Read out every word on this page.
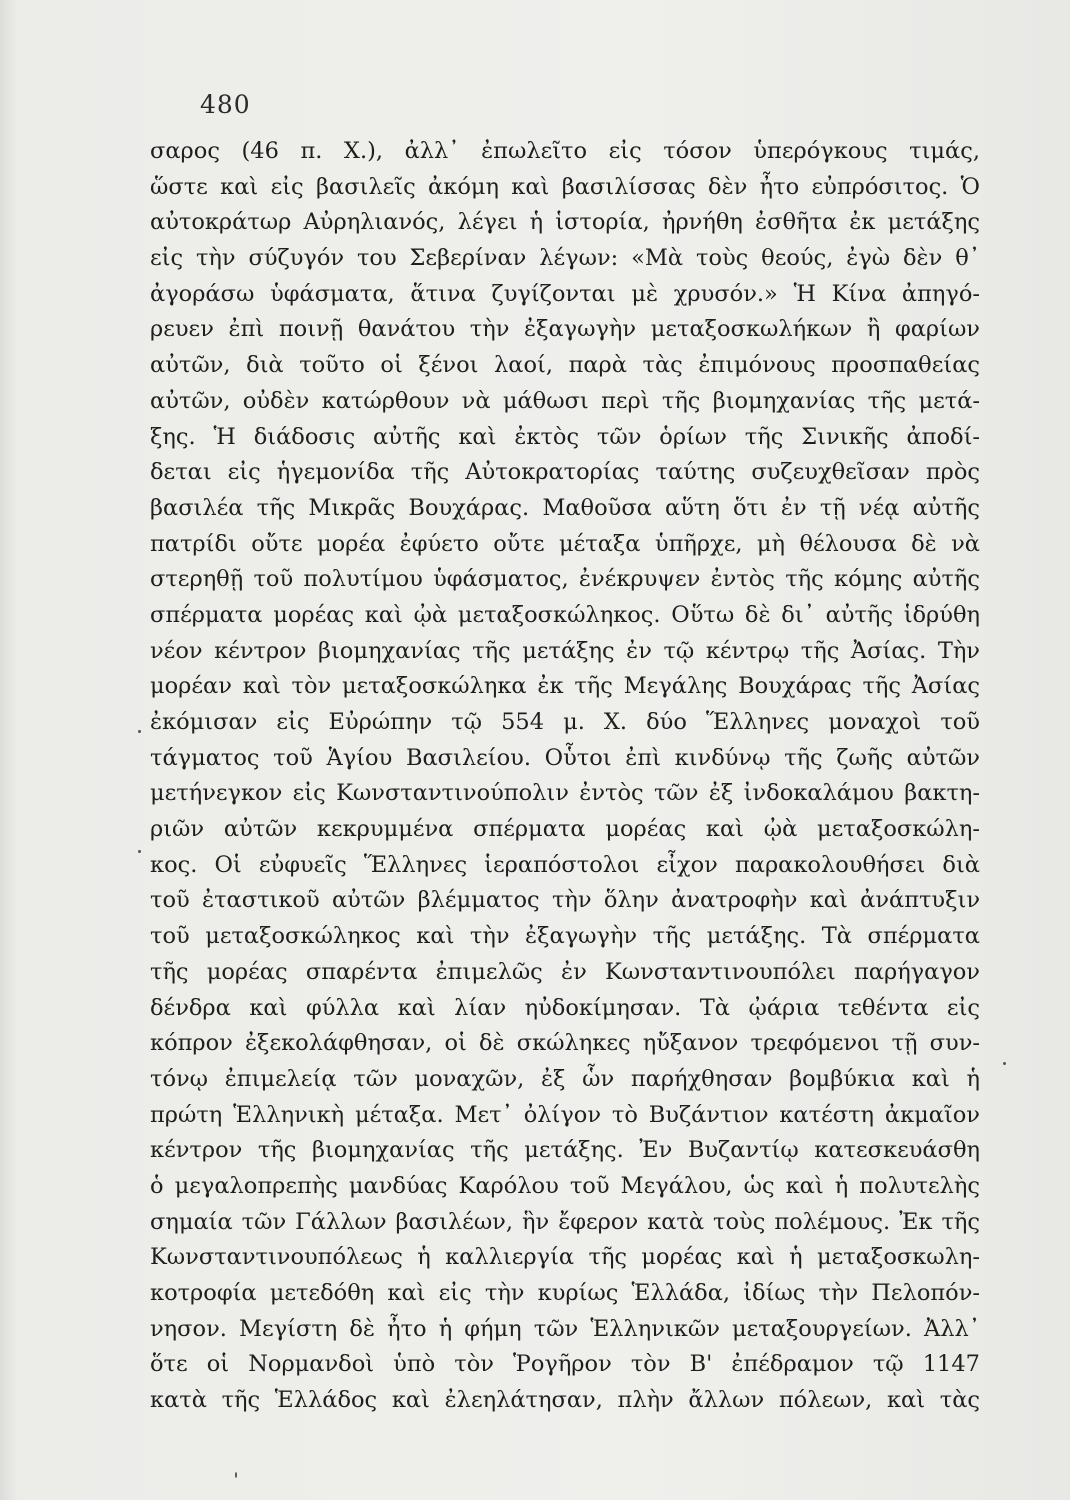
480
σαρος (46 π. Χ.), ἀλλ᾽ ἐπωλεῖτο εἰς τόσον ὑπερόγκους τιμάς,
ὥστε καὶ εἰς βασιλεῖς ἀκόμη καὶ βασιλίσσας δὲν ἦτο εὐπρόσιτος. Ὁ
αὐτοκράτωρ Αὐρηλιανός, λέγει ἡ ἱστορία, ἠρνήθη ἐσθῆτα ἐκ μετάξης
εἰς τὴν σύζυγόν του Σεβερίναν λέγων: «Μὰ τοὺς θεούς, ἐγὼ δὲν θ᾽
ἀγοράσω ὑφάσματα, ἅτινα ζυγίζονται μὲ χρυσόν.» Ἡ Κίνα ἀπηγό-
ρευεν ἐπὶ ποινῇ θανάτου τὴν ἐξαγωγὴν μεταξοσκωλήκων ἢ φαρίων
αὐτῶν, διὰ τοῦτο οἱ ξένοι λαοί, παρὰ τὰς ἐπιμόνους προσπαθείας
αὐτῶν, οὐδὲν κατώρθουν νὰ μάθωσι περὶ τῆς βιομηχανίας τῆς μετά-
ξης. Ἡ διάδοσις αὐτῆς καὶ ἐκτὸς τῶν ὁρίων τῆς Σινικῆς ἀποδί-
δεται εἰς ἡγεμονίδα τῆς Αὐτοκρατορίας ταύτης συζευχθεῖσαν πρὸς
βασιλέα τῆς Μικρᾶς Βουχάρας. Μαθοῦσα αὕτη ὅτι ἐν τῇ νέᾳ αὐτῆς
πατρίδι οὔτε μορέα ἐφύετο οὔτε μέταξα ὑπῆρχε, μὴ θέλουσα δὲ νὰ
στερηθῇ τοῦ πολυτίμου ὑφάσματος, ἐνέκρυψεν ἐντὸς τῆς κόμης αὐτῆς
σπέρματα μορέας καὶ ᾠὰ μεταξοσκώληκος. Οὕτω δὲ δι᾽ αὐτῆς ἱδρύθη
νέον κέντρον βιομηχανίας τῆς μετάξης ἐν τῷ κέντρῳ τῆς Ἀσίας. Τὴν
μορέαν καὶ τὸν μεταξοσκώληκα ἐκ τῆς Μεγάλης Βουχάρας τῆς Ἀσίας
ἐκόμισαν εἰς Εὐρώπην τῷ 554 μ. Χ. δύο Ἕλληνες μοναχοὶ τοῦ
τάγματος τοῦ Ἁγίου Βασιλείου. Οὗτοι ἐπὶ κινδύνῳ τῆς ζωῆς αὐτῶν
μετήνεγκον εἰς Κωνσταντινούπολιν ἐντὸς τῶν ἐξ ἰνδοκαλάμου βακτη-
ριῶν αὐτῶν κεκρυμμένα σπέρματα μορέας καὶ ᾠὰ μεταξοσκώλη-
κος. Οἱ εὐφυεῖς Ἕλληνες ἱεραπόστολοι εἶχον παρακολουθήσει διὰ
τοῦ ἐταστικοῦ αὐτῶν βλέμματος τὴν ὅλην ἀνατροφὴν καὶ ἀνάπτυξιν
τοῦ μεταξοσκώληκος καὶ τὴν ἐξαγωγὴν τῆς μετάξης. Τὰ σπέρματα
τῆς μορέας σπαρέντα ἐπιμελῶς ἐν Κωνσταντινουπόλει παρήγαγον
δένδρα καὶ φύλλα καὶ λίαν ηὐδοκίμησαν. Τὰ ᾠάρια τεθέντα εἰς
κόπρον ἐξεκολάφθησαν, οἱ δὲ σκώληκες ηὔξανον τρεφόμενοι τῇ συν-
τόνῳ ἐπιμελείᾳ τῶν μοναχῶν, ἐξ ὧν παρήχθησαν βομβύκια καὶ ἡ
πρώτη Ἑλληνικὴ μέταξα. Μετ᾽ ὀλίγον τὸ Βυζάντιον κατέστη ἀκμαῖον
κέντρον τῆς βιομηχανίας τῆς μετάξης. Ἐν Βυζαντίῳ κατεσκευάσθη
ὁ μεγαλοπρεπὴς μανδύας Καρόλου τοῦ Μεγάλου, ὡς καὶ ἡ πολυτελὴς
σημαία τῶν Γάλλων βασιλέων, ἣν ἔφερον κατὰ τοὺς πολέμους. Ἐκ τῆς
Κωνσταντινουπόλεως ἡ καλλιεργία τῆς μορέας καὶ ἡ μεταξοσκωλη-
κοτροφία μετεδόθη καὶ εἰς τὴν κυρίως Ἑλλάδα, ἰδίως τὴν Πελοπόν-
νησον. Μεγίστη δὲ ἦτο ἡ φήμη τῶν Ἑλληνικῶν μεταξουργείων. Ἀλλ᾽
ὅτε οἱ Νορμανδοὶ ὑπὸ τὸν Ῥογῆρον τὸν Β' ἐπέδραμον τῷ 1147
κατὰ τῆς Ἑλλάδος καὶ ἐλεηλάτησαν, πλὴν ἄλλων πόλεων, καὶ τὰς
